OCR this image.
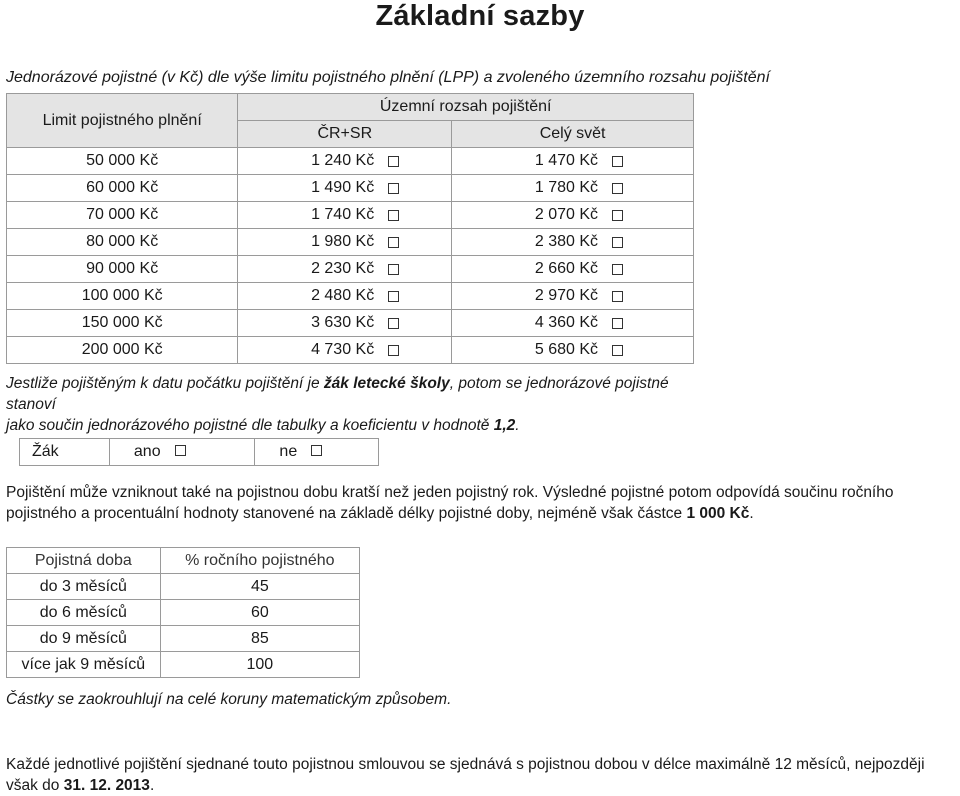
Základní sazby
Jednorázové pojistné (v Kč) dle výše limitu pojistného plnění (LPP) a zvoleného územního rozsahu pojištění
Limit pojistného plnění	Územní rozsah pojištění	
	ČR+SR	Celý svět
50 000 Kč	1 240 Kč	1 470 Kč

60 000 Kč	1 490 Kč	1 780 Kč

70 000 Kč	1 740 Kč	2 070 Kč

80 000 Kč	1 980 Kč	2 380 Kč

90 000 Kč	2 230 Kč	2 660 Kč

100 000 Kč	2 480 Kč	2 970 Kč

150 000 Kč	3 630 Kč	4 360 Kč

200 000 Kč	4 730 Kč	5 680 Kč
Jestliže pojištěným k datu počátku pojištění je žák letecké školy, potom se jednorázové pojistné stanoví
jako součin jednorázového pojistné dle tabulky a koeficientu v hodnotě 1,2.
Žák	ano	ne
Pojištění může vzniknout také na pojistnou dobu kratší než jeden pojistný rok. Výsledné pojistné potom odpovídá součinu ročního pojistného a procentuální hodnoty stanovené na základě délky pojistné doby, nejméně však částce 1 000 Kč.
Pojistná doba	% ročního pojistného
do 3 měsíců	45
do 6 měsíců	60
do 9 měsíců	85
více jak 9 měsíců	100
Částky se zaokrouhlují na celé koruny matematickým způsobem.
Každé jednotlivé pojištění sjednané touto pojistnou smlouvou se sjednává s pojistnou dobou v délce maximálně 12 měsíců, nejpozději však do 31. 12. 2013.
